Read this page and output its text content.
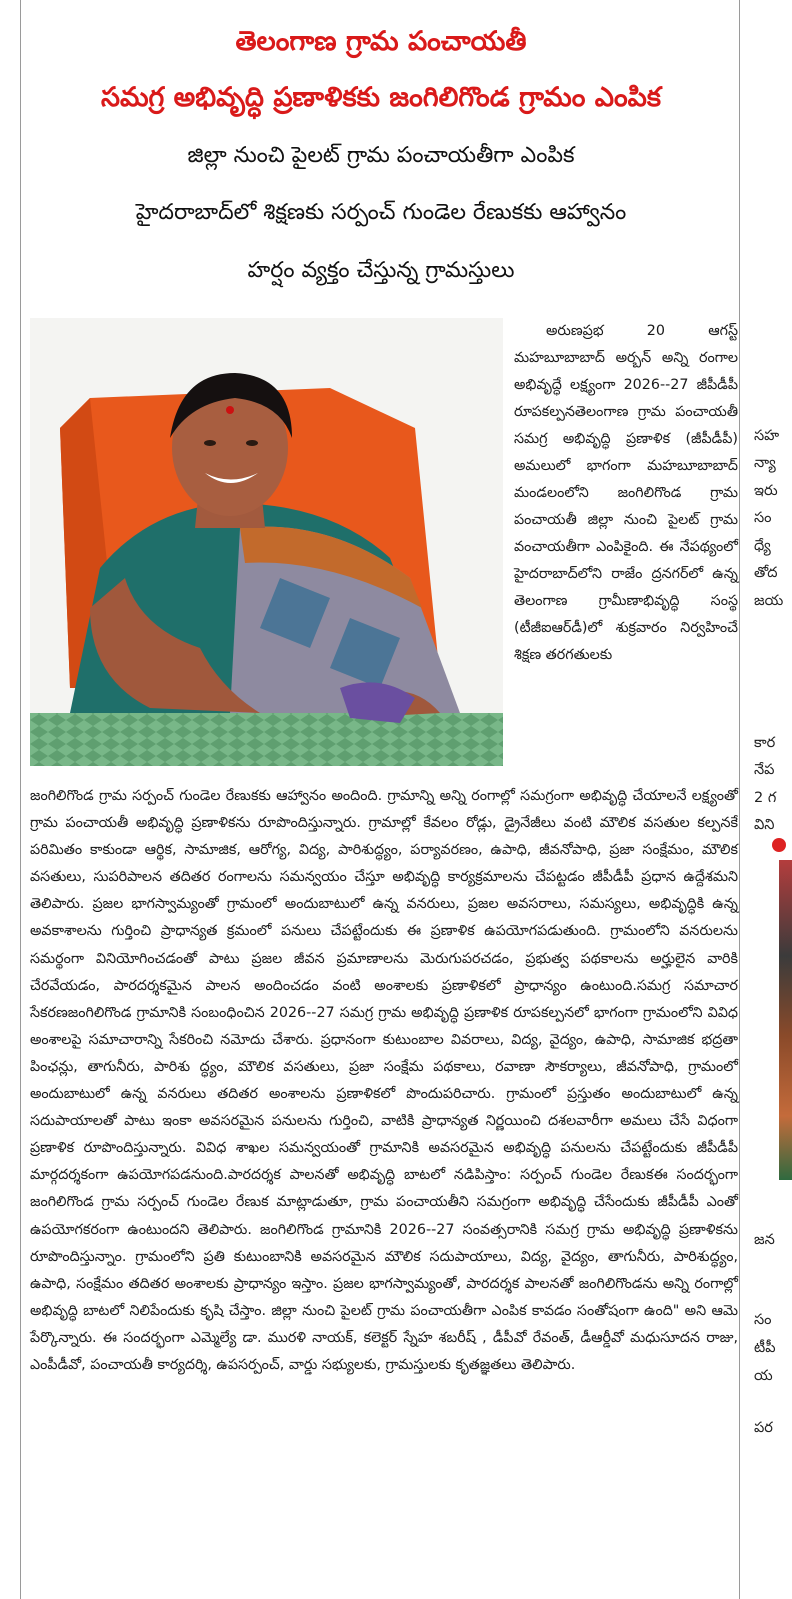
తెలంగాణ గ్రామ పంచాయతీ
సమగ్ర అభివృద్ధి ప్రణాళికకు జంగిలిగొండ గ్రామం ఎంపిక
జిల్లా నుంచి పైలట్ గ్రామ పంచాయతీగా ఎంపిక
హైదరాబాద్‌లో శిక్షణకు సర్పంచ్ గుండెల రేణుకకు ఆహ్వానం
హర్షం వ్యక్తం చేస్తున్న గ్రామస్తులు

అరుణప్రభ 20 ఆగస్ట్ మహబూబాబాద్ అర్బన్ అన్ని రంగాల అభివృద్ధే లక్ష్యంగా 2026--27 జీపీడీపీ రూపకల్పనతెలంగాణ గ్రామ పంచాయతీ సమగ్ర అభివృద్ధి ప్రణాళిక (జీపీడీపీ) అమలులో భాగంగా మహబూబాబాద్ మండలంలోని జంగిలిగొండ గ్రామ పంచాయతీ జిల్లా నుంచి పైలట్ గ్రామ వంచాయతీగా ఎంపికైంది. ఈ నేపథ్యంలో హైదరాబాద్‌లోని రాజేం ద్రనగర్‌లో ఉన్న తెలంగాణ గ్రామీణాభివృద్ధి సంస్థ (టీజీఐఆర్‌డీ)లో శుక్రవారం నిర్వహించే శిక్షణ తరగతులకు

జంగిలిగొండ గ్రామ సర్పంచ్ గుండెల రేణుకకు ఆహ్వానం అందింది. గ్రామాన్ని అన్ని రంగాల్లో సమగ్రంగా అభివృద్ధి చేయాలనే లక్ష్యంతో గ్రామ పంచాయతీ అభివృద్ధి ప్రణాళికను రూపొందిస్తున్నారు. గ్రామాల్లో కేవలం రోడ్లు, డ్రైనేజీలు వంటి మౌలిక వసతుల కల్పనకే పరిమితం కాకుండా ఆర్థిక, సామాజిక, ఆరోగ్య, విద్య, పారిశుద్ధ్యం, పర్యావరణం, ఉపాధి, జీవనోపాధి, ప్రజా సంక్షేమం, మౌలిక వసతులు, సుపరిపాలన తదితర రంగాలను సమన్వయం చేస్తూ అభివృద్ధి కార్యక్రమాలను చేపట్టడం జీపీడీపీ ప్రధాన ఉద్దేశమని తెలిపారు. ప్రజల భాగస్వామ్యంతో గ్రామంలో అందుబాటులో ఉన్న వనరులు, ప్రజల అవసరాలు, సమస్యలు, అభివృద్ధికి ఉన్న అవకాశాలను గుర్తించి ప్రాధాన్యత క్రమంలో పనులు చేపట్టేందుకు ఈ ప్రణాళిక ఉపయోగపడుతుంది. గ్రామంలోని వనరులను సమర్థంగా వినియోగించడంతో పాటు ప్రజల జీవన ప్రమాణాలను మెరుగుపరచడం, ప్రభుత్వ పథకాలను అర్హులైన వారికి చేరవేయడం, పారదర్శకమైన పాలన అందించడం వంటి అంశాలకు ప్రణాళికలో ప్రాధాన్యం ఉంటుంది.సమగ్ర సమాచార సేకరణజంగిలిగొండ గ్రామానికి సంబంధించిన 2026--27 సమగ్ర గ్రామ అభివృద్ధి ప్రణాళిక రూపకల్పనలో భాగంగా గ్రామంలోని వివిధ అంశాలపై సమాచారాన్ని సేకరించి నమోదు చేశారు. ప్రధానంగా కుటుంబాల వివరాలు, విద్య, వైద్యం, ఉపాధి, సామాజిక భద్రతా పింఛన్లు, తాగునీరు, పారిశు ద్ధ్యం, మౌలిక వసతులు, ప్రజా సంక్షేమ పథకాలు, రవాణా సౌకర్యాలు, జీవనోపాధి, గ్రామంలో అందుబాటులో ఉన్న వనరులు తదితర అంశాలను ప్రణాళికలో పొందుపరిచారు. గ్రామంలో ప్రస్తుతం అందుబాటులో ఉన్న సదుపాయాలతో పాటు ఇంకా అవసరమైన పనులను గుర్తించి, వాటికి ప్రాధాన్యత నిర్ణయించి దశలవారీగా అమలు చేసే విధంగా ప్రణాళిక రూపొందిస్తున్నారు. వివిధ శాఖల సమన్వయంతో గ్రామానికి అవసరమైన అభివృద్ధి పనులను చేపట్టేందుకు జీపీడీపీ మార్గదర్శకంగా ఉపయోగపడనుంది.పారదర్శక పాలనతో అభివృద్ధి బాటలో నడిపిస్తాం: సర్పంచ్ గుండెల రేణుకఈ సందర్భంగా జంగిలిగొండ గ్రామ సర్పంచ్ గుండెల రేణుక మాట్లాడుతూ, గ్రామ పంచాయతీని సమగ్రంగా అభివృద్ధి చేసేందుకు జీపీడీపీ ఎంతో ఉపయోగకరంగా ఉంటుందని తెలిపారు. జంగిలిగొండ గ్రామానికి 2026--27 సంవత్సరానికి సమగ్ర గ్రామ అభివృద్ధి ప్రణాళికను రూపొందిస్తున్నాం. గ్రామంలోని ప్రతి కుటుంబానికి అవసరమైన మౌలిక సదుపాయాలు, విద్య, వైద్యం, తాగునీరు, పారిశుద్ధ్యం, ఉపాధి, సంక్షేమం తదితర అంశాలకు ప్రాధాన్యం ఇస్తాం. ప్రజల భాగస్వామ్యంతో, పారదర్శక పాలనతో జంగిలిగొండను అన్ని రంగాల్లో అభివృద్ధి బాటలో నిలిపేందుకు కృషి చేస్తాం. జిల్లా నుంచి పైలట్ గ్రామ పంచాయతీగా ఎంపిక కావడం సంతోషంగా ఉంది" అని ఆమె పేర్కొన్నారు. ఈ సందర్భంగా ఎమ్మెల్యే డా. మురళి నాయక్, కలెక్టర్ స్నేహ శబరీష్ , డీపీవో రేవంత్, డీఆర్డీవో మధుసూదన రాజు, ఎంపీడీవో, పంచాయతీ కార్యదర్శి, ఉపసర్పంచ్, వార్డు సభ్యులకు, గ్రామస్తులకు కృతజ్ఞతలు తెలిపారు.

సహ
న్యా
ఇరు
సం
ధ్యే
తోద
జయ
కార
నేప
2 గ
విని
జన
సం
టీపీ
య
పర
